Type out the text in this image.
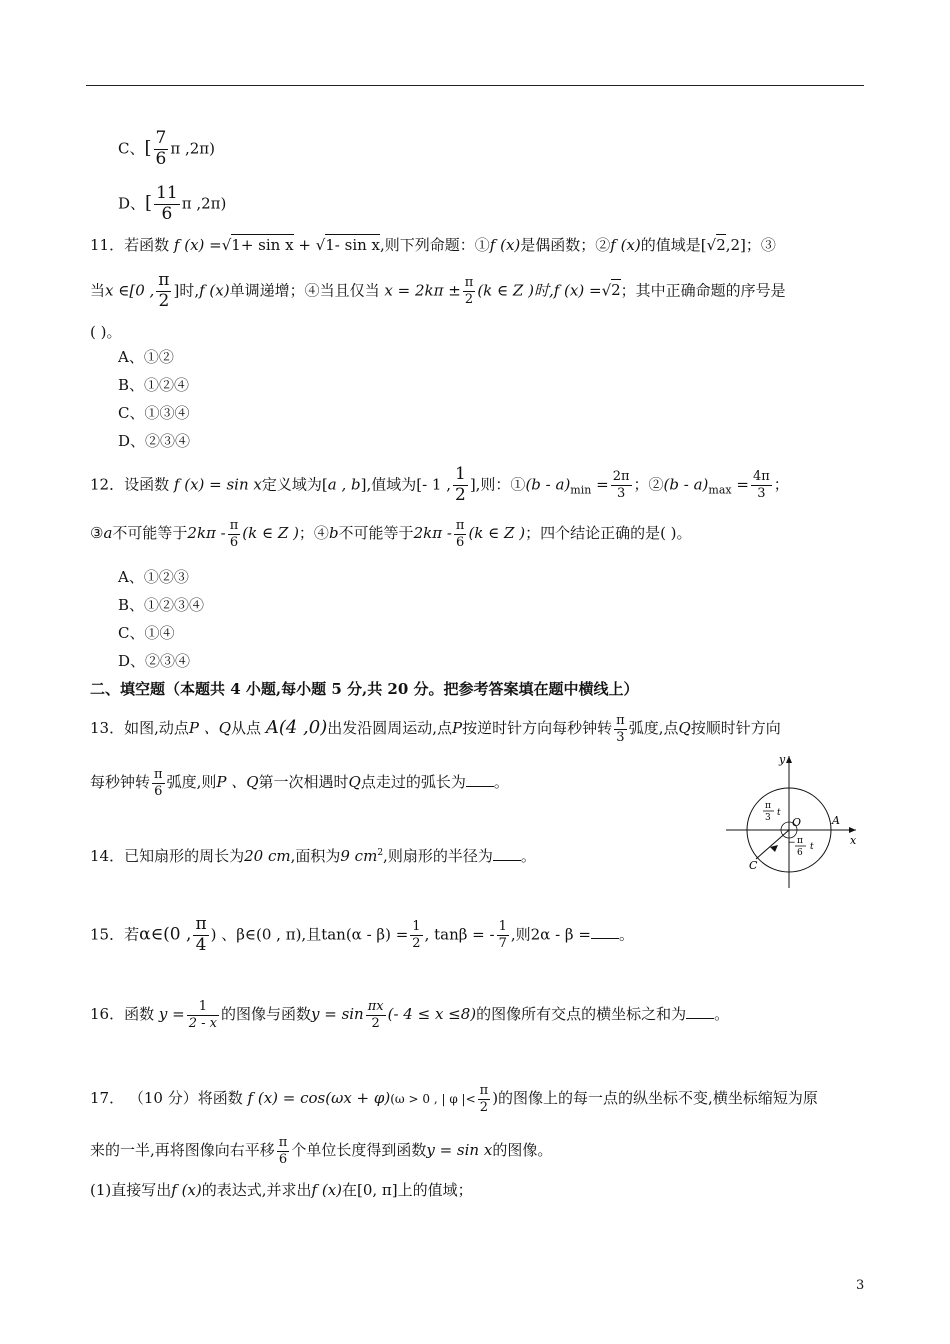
C、[ $\frac{7}{6}$ π ,2π)
D、[ $\frac{11}{6}$ π ,2π)
11．若函数 f (x) =√1+ sin x + √1- sin x,则下列命题：①f (x)是偶函数；②f (x)的值域是[√2,2]；③
当x ∈[0 , $\frac{\pi}{2}$ ]时,f (x)单调递增；④当且仅当 $x = 2k\pi \pm \frac{\pi}{2} (k$ ∈ Z )时,f (x) =√2；其中正确命题的序号是
( )。
A、①②
B、①②④
C、①③④
D、②③④
12．设函数 f (x) = sin x定义域为[a , b],值域为[- 1 , $\frac{1}{2}$ ],则：①(b - $a)_{min} = \frac{2\pi}{3}$ ；②(b - $a)_{max} = \frac{4\pi}{3}$ ；
③a不可能等于$2k\pi - \frac{\pi}{6} (k$ ∈ Z )；④b不可能等于$2k\pi - \frac{\pi}{6} (k$ ∈ Z )；四个结论正确的是( )。
A、①②③
B、①②③④
C、①④
D、②③④
二、填空题（本题共 4 小题,每小题 5 分,共 20 分。把参考答案填在题中横线上）
13．如图,动点P 、Q从点 A(4 ,0)出发沿圆周运动,点P按逆时针方向每秒钟转 $\frac{\pi}{3}$ 弧度,点Q按顺时针方向
每秒钟转 $\frac{\pi}{6}$ 弧度,则P 、Q第一次相遇时Q点走过的弧长为 。
y
x
O	A
C
π
3 t
− π
6
t
14．已知扇形的周长为20 cm,面积为9 $cm^2$,则扇形的半径为 。
15．若α∈(0 , $\frac{\pi}{4}$ ) 、β∈(0 , π),且$\tan(\alpha - \beta) = \frac{1}{2}$ , tanβ = - $\frac{1}{7}$ ,则2α - β = 。
16．函数 $y = \frac{1}{2 - x}$ 的图像与函数$y = \sin \frac{\pi x}{2}$ (- 4 ≤ x ≤8)的图像所有交点的横坐标之和为 。
17． （10 分）将函数 f (x) = cos(ωx + φ)(ω > 0 , | φ |< $\frac{\pi}{2}$ )的图像上的每一点的纵坐标不变,横坐标缩短为原
来的一半,再将图像向右平移 $\frac{\pi}{6}$ 个单位长度得到函数y = sin x的图像。
(1)直接写出f (x)的表达式,并求出f (x)在[0, π]上的值域；
3
